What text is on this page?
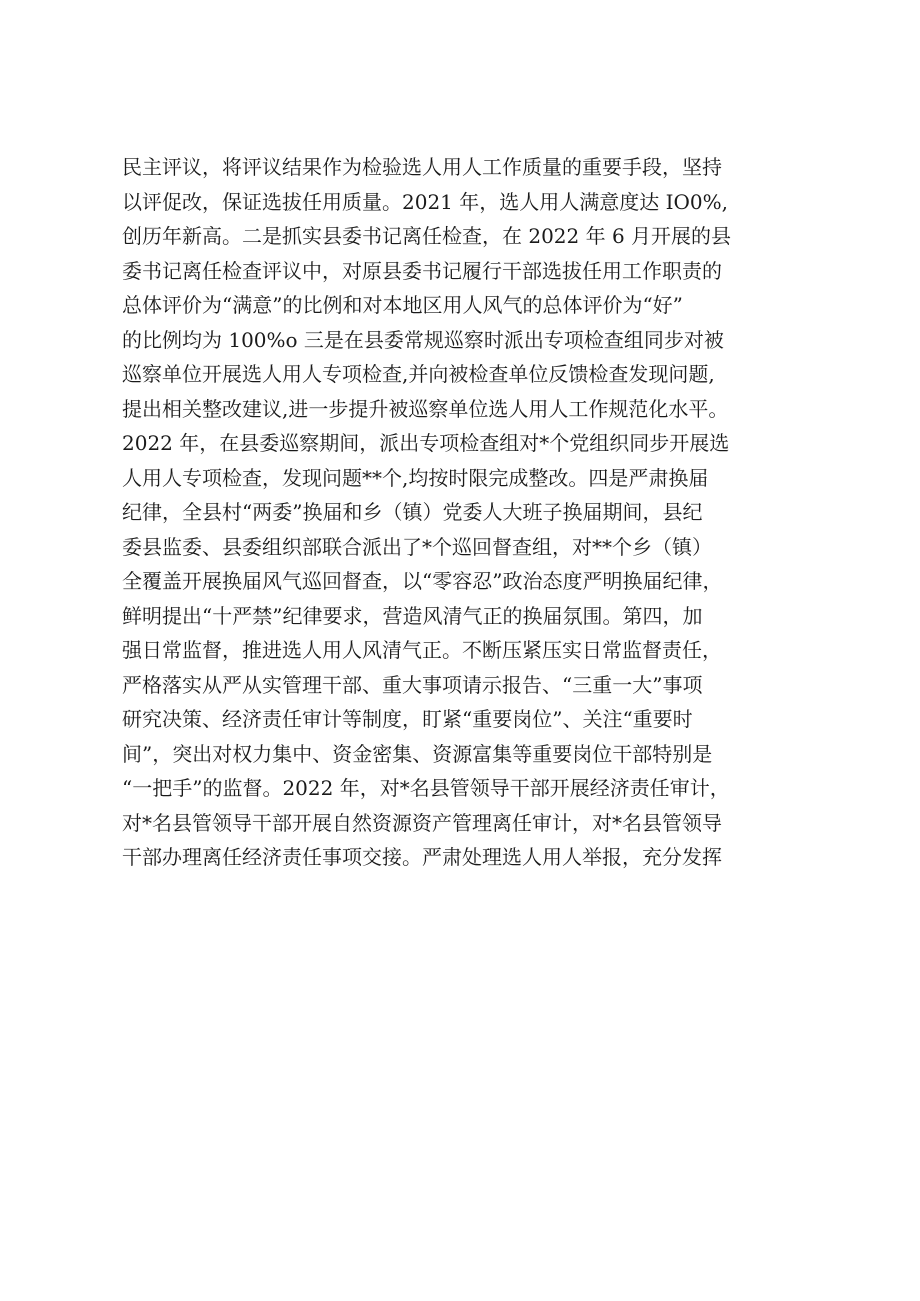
民主评议，将评议结果作为检验选人用人工作质量的重要手段，坚持
以评促改，保证选拔任用质量。2021 年，选人用人满意度达 IO0%,
创历年新高。二是抓实县委书记离任检查，在 2022 年 6 月开展的县
委书记离任检查评议中，对原县委书记履行干部选拔任用工作职责的
总体评价为“满意”的比例和对本地区用人风气的总体评价为“好”
的比例均为 100%o 三是在县委常规巡察时派出专项检查组同步对被
巡察单位开展选人用人专项检查,并向被检查单位反馈检查发现问题,
提出相关整改建议,进一步提升被巡察单位选人用人工作规范化水平。
2022 年，在县委巡察期间，派出专项检查组对*个党组织同步开展选
人用人专项检查，发现问题**个,均按时限完成整改。四是严肃换届
纪律，全县村“两委”换届和乡（镇）党委人大班子换届期间，县纪
委县监委、县委组织部联合派出了*个巡回督查组，对**个乡（镇）
全覆盖开展换届风气巡回督查，以“零容忍”政治态度严明换届纪律，
鲜明提出“十严禁”纪律要求，营造风清气正的换届氛围。第四，加
强日常监督，推进选人用人风清气正。不断压紧压实日常监督责任，
严格落实从严从实管理干部、重大事项请示报告、“三重一大”事项
研究决策、经济责任审计等制度，盯紧“重要岗位”、关注“重要时
间”，突出对权力集中、资金密集、资源富集等重要岗位干部特别是
“一把手”的监督。2022 年，对*名县管领导干部开展经济责任审计，
对*名县管领导干部开展自然资源资产管理离任审计，对*名县管领导
干部办理离任经济责任事项交接。严肃处理选人用人举报，充分发挥
